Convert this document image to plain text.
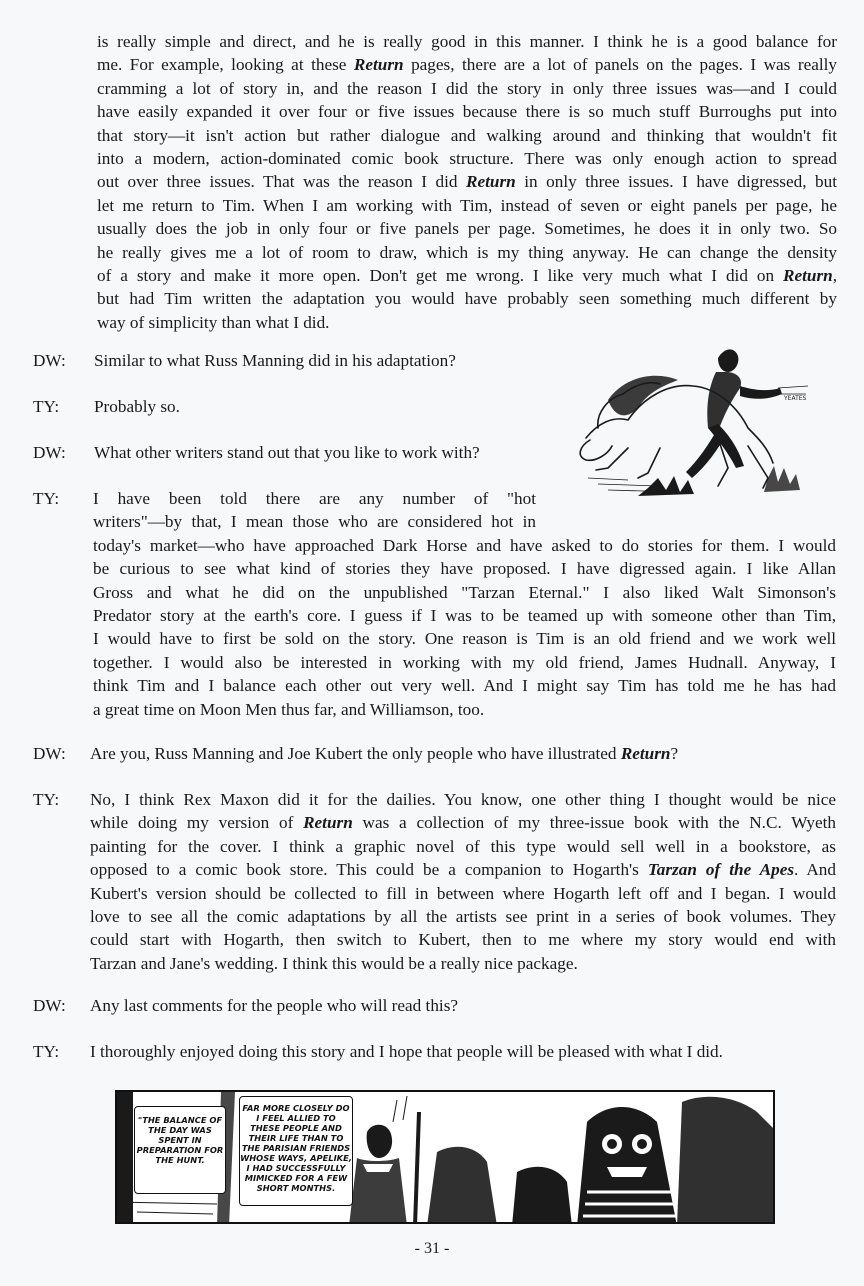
is really simple and direct, and he is really good in this manner. I think he is a good balance for
me. For example, looking at these Return pages, there are a lot of panels on the pages. I was really
cramming a lot of story in, and the reason I did the story in only three issues was—and I could
have easily expanded it over four or five issues because there is so much stuff Burroughs put into
that story—it isn't action but rather dialogue and walking around and thinking that wouldn't fit
into a modern, action-dominated comic book structure. There was only enough action to spread
out over three issues. That was the reason I did Return in only three issues. I have digressed, but
let me return to Tim. When I am working with Tim, instead of seven or eight panels per page, he
usually does the job in only four or five panels per page. Sometimes, he does it in only two. So
he really gives me a lot of room to draw, which is my thing anyway. He can change the density
of a story and make it more open. Don't get me wrong. I like very much what I did on Return,
but had Tim written the adaptation you would have probably seen something much different by
way of simplicity than what I did.
DW: Similar to what Russ Manning did in his adaptation?
TY: Probably so.
DW: What other writers stand out that you like to work with?
TY: I have been told there are any number of "hot
writers"—by that, I mean those who are considered hot in
today's market—who have approached Dark Horse and have asked to do stories for them. I would
be curious to see what kind of stories they have proposed. I have digressed again. I like Allan
Gross and what he did on the unpublished "Tarzan Eternal." I also liked Walt Simonson's
Predator story at the earth's core. I guess if I was to be teamed up with someone other than Tim,
I would have to first be sold on the story. One reason is Tim is an old friend and we work well
together. I would also be interested in working with my old friend, James Hudnall. Anyway, I
think Tim and I balance each other out very well. And I might say Tim has told me he has had
a great time on Moon Men thus far, and Williamson, too.
DW: Are you, Russ Manning and Joe Kubert the only people who have illustrated Return?
TY: No, I think Rex Maxon did it for the dailies. You know, one other thing I thought would be nice
while doing my version of Return was a collection of my three-issue book with the N.C. Wyeth
painting for the cover. I think a graphic novel of this type would sell well in a bookstore, as
opposed to a comic book store. This could be a companion to Hogarth's Tarzan of the Apes. And
Kubert's version should be collected to fill in between where Hogarth left off and I began. I would
love to see all the comic adaptations by all the artists see print in a series of book volumes. They
could start with Hogarth, then switch to Kubert, then to me where my story would end with
Tarzan and Jane's wedding. I think this would be a really nice package.
DW: Any last comments for the people who will read this?
TY: I thoroughly enjoyed doing this story and I hope that people will be pleased with what I did.
YEATES
"THE BALANCE OF THE DAY WAS SPENT IN PREPARATION FOR THE HUNT.
FAR MORE CLOSELY DO I FEEL ALLIED TO THESE PEOPLE AND THEIR LIFE THAN TO THE PARISIAN FRIENDS WHOSE WAYS, APELIKE, I HAD SUCCESSFULLY MIMICKED FOR A FEW SHORT MONTHS.
- 31 -
